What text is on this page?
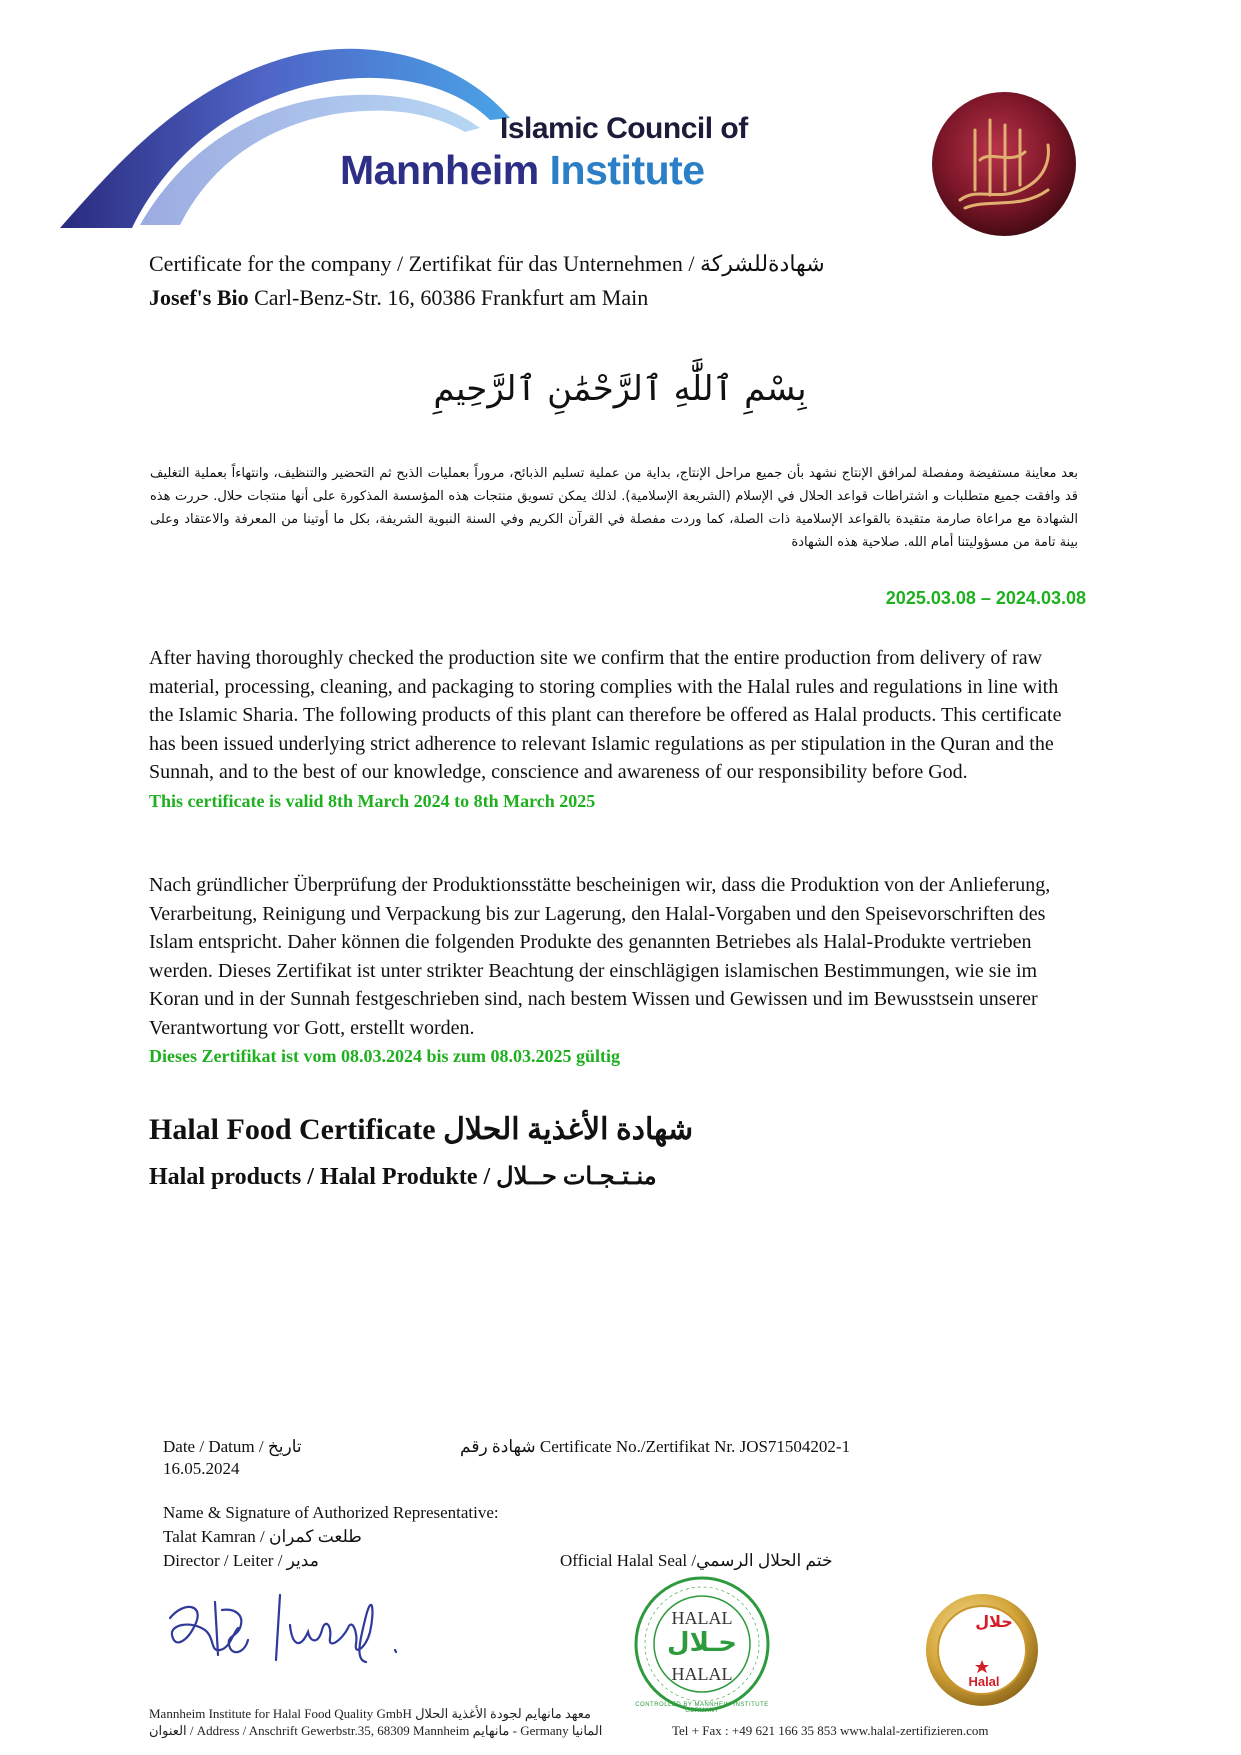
Islamic Council of
Mannheim Institute
Certificate for the company / Zertifikat für das Unternehmen / شهادةللشركة
Josef's Bio Carl-Benz-Str. 16, 60386 Frankfurt am Main
بِسْمِ ٱللَّٰهِ ٱلرَّحْمَٰنِ ٱلرَّحِيمِ
بعد معاينة مستفيضة ومفصلة لمرافق الإنتاج نشهد بأن جميع مراحل الإنتاج، بداية من عملية تسليم الذبائح، مروراً بعمليات الذبح ثم التحضير والتنظيف، وانتهاءاً بعملية التغليف قد وافقت جميع متطلبات و اشتراطات قواعد الحلال في الإسلام (الشريعة الإسلامية). لذلك يمكن تسويق منتجات هذه المؤسسة المذكورة على أنها منتجات حلال. حررت هذه الشهادة مع مراعاة صارمة متقيدة بالقواعد الإسلامية ذات الصلة، كما وردت مفصلة في القرآن الكريم وفي السنة النبوية الشريفة، بكل ما أوتينا من المعرفة والاعتقاد وعلى بينة تامة من مسؤوليتنا أمام الله. صلاحية هذه الشهادة
2025.03.08 – 2024.03.08
After having thoroughly checked the production site we confirm that the entire production from delivery of raw material, processing, cleaning, and packaging to storing complies with the Halal rules and regulations in line with the Islamic Sharia. The following products of this plant can therefore be offered as Halal products. This certificate has been issued underlying strict adherence to relevant Islamic regulations as per stipulation in the Quran and the Sunnah, and to the best of our knowledge, conscience and awareness of our responsibility before God.
This certificate is valid 8th March 2024 to 8th March 2025
Nach gründlicher Überprüfung der Produktionsstätte bescheinigen wir, dass die Produktion von der Anlieferung, Verarbeitung, Reinigung und Verpackung bis zur Lagerung, den Halal-Vorgaben und den Speisevorschriften des Islam entspricht. Daher können die folgenden Produkte des genannten Betriebes als Halal-Produkte vertrieben werden. Dieses Zertifikat ist unter strikter Beachtung der einschlägigen islamischen Bestimmungen, wie sie im Koran und in der Sunnah festgeschrieben sind, nach bestem Wissen und Gewissen und im Bewusstsein unserer Verantwortung vor Gott, erstellt worden.
Dieses Zertifikat ist vom 08.03.2024 bis zum 08.03.2025 gültig
Halal Food Certificate شهادة الأغذية الحلال
Halal products / Halal Produkte / منـتـجـات حــلال
Date / Datum / تاريخ
16.05.2024
شهادة رقم Certificate No./Zertifikat Nr. JOS71504202-1
Name & Signature of Authorized Representative:
Talat Kamran / طلعت كمران
Director / Leiter / مدير	Official Halal Seal /ختم الحلال الرسمي
HALAL
حـلال
HALAL
CONTROLLED BY MANNHEIM INSTITUTE GERMANY
حلال
Halal
Mannheim Institute for Halal Food Quality GmbH معهد مانهايم لجودة الأغذية الحلال
العنوان / Address / Anschrift Gewerbstr.35, 68309 Mannheim مانهايم - Germany المانيا	Tel + Fax : +49 621 166 35 853 www.halal-zertifizieren.com
